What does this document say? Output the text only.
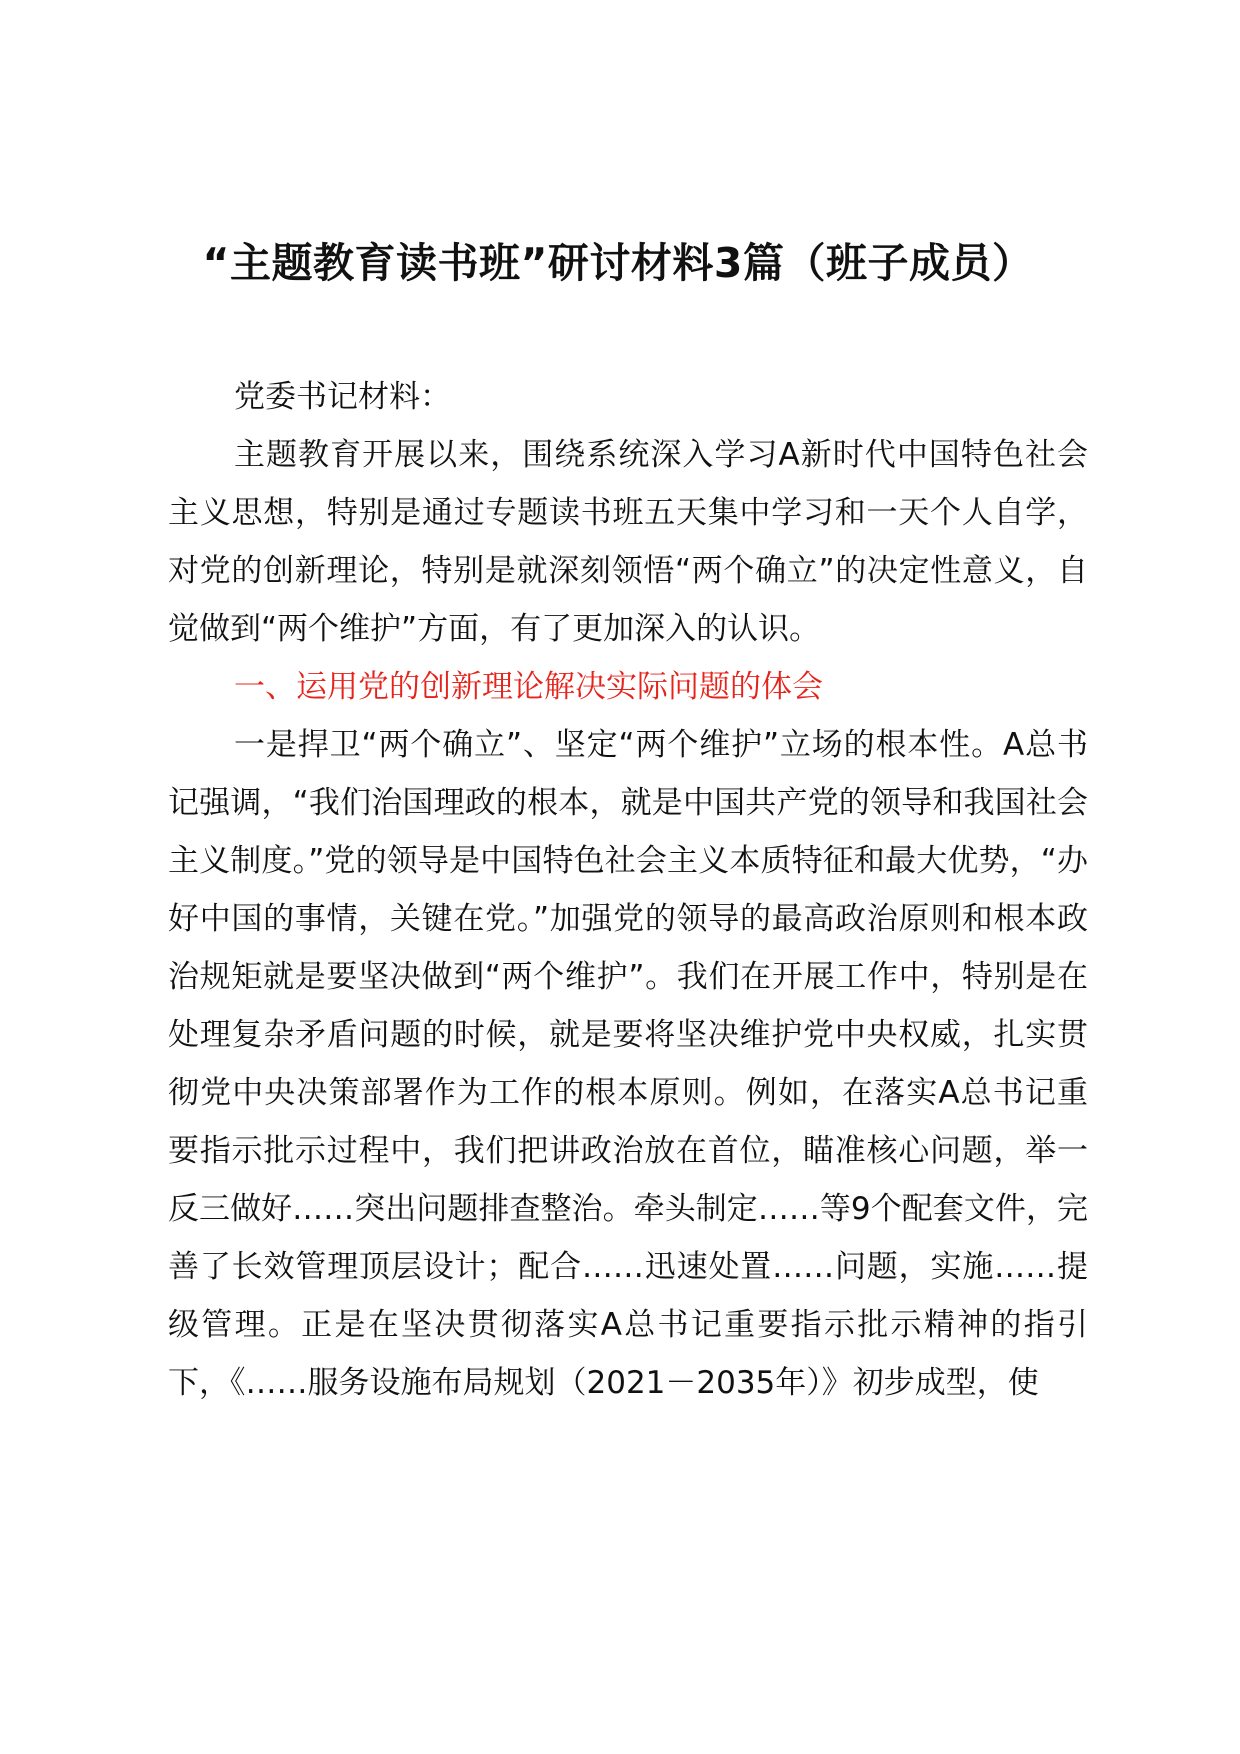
“主题教育读书班”研讨材料3篇（班子成员）

党委书记材料：

主题教育开展以来，围绕系统深入学习A新时代中国特色社会主义思想，特别是通过专题读书班五天集中学习和一天个人自学，对党的创新理论，特别是就深刻领悟“两个确立”的决定性意义，自觉做到“两个维护”方面，有了更加深入的认识。

一、运用党的创新理论解决实际问题的体会

一是捍卫“两个确立”、坚定“两个维护”立场的根本性。A总书记强调，“我们治国理政的根本，就是中国共产党的领导和我国社会主义制度。”党的领导是中国特色社会主义本质特征和最大优势，“办好中国的事情，关键在党。”加强党的领导的最高政治原则和根本政治规矩就是要坚决做到“两个维护”。我们在开展工作中，特别是在处理复杂矛盾问题的时候，就是要将坚决维护党中央权威，扎实贯彻党中央决策部署作为工作的根本原则。例如，在落实A总书记重要指示批示过程中，我们把讲政治放在首位，瞄准核心问题，举一反三做好……突出问题排查整治。牵头制定……等9个配套文件，完善了长效管理顶层设计；配合……迅速处置……问题，实施……提级管理。正是在坚决贯彻落实A总书记重要指示批示精神的指引下，《……服务设施布局规划（2021－2035年）》初步成型，使
